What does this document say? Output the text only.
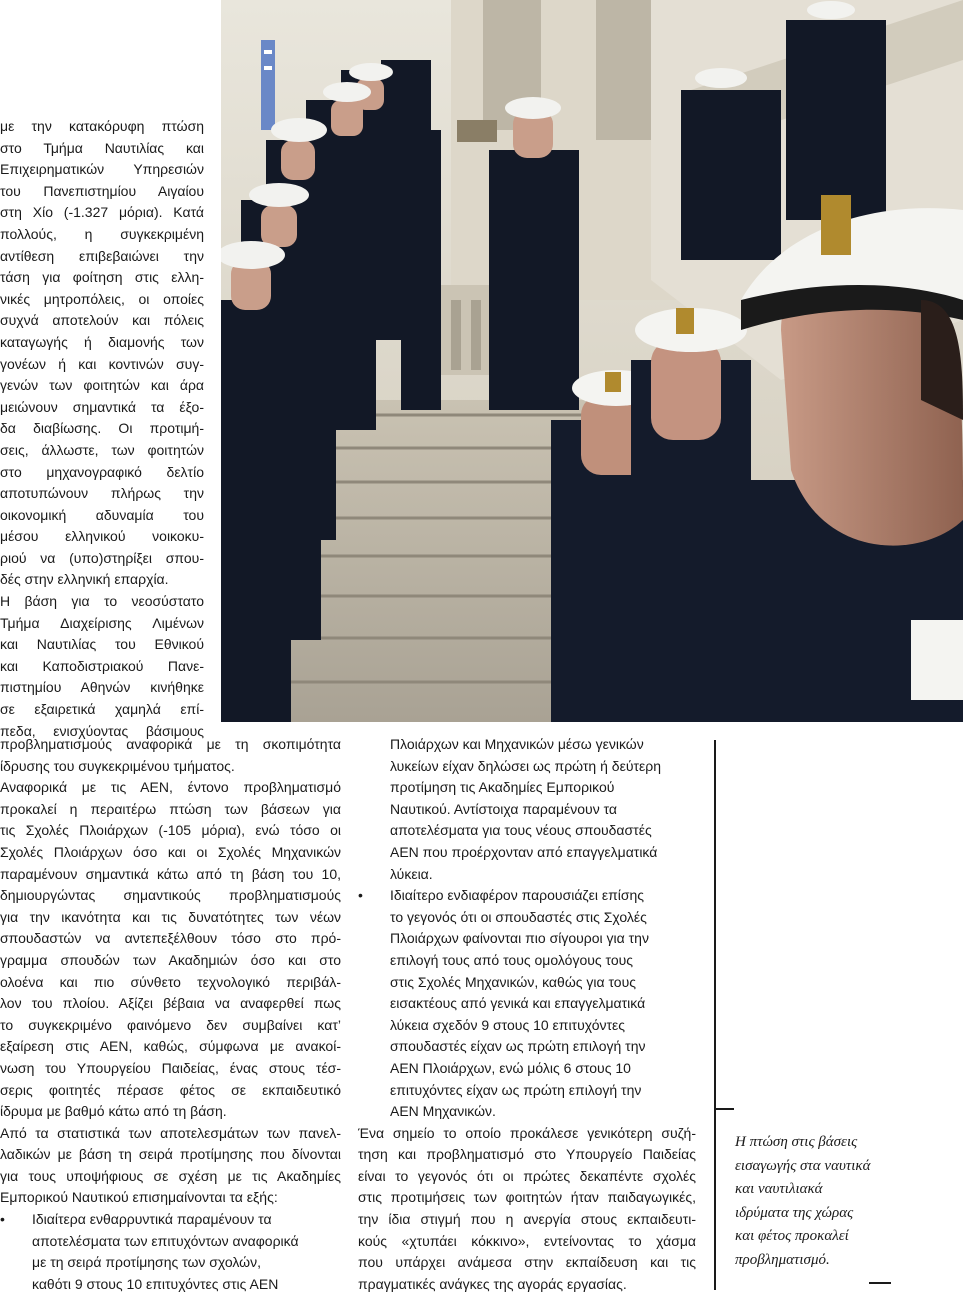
με την κατακόρυφη πτώση

στο Τμήμα Ναυτιλίας και

Επιχειρηματικών Υπηρεσιών

του Πανεπιστημίου Αιγαίου

στη Χίο (-1.327 μόρια). Κατά

πολλούς, η συγκεκριμένη

αντίθεση επιβεβαιώνει την

τάση για φοίτηση στις ελλη-

νικές μητροπόλεις, οι οποίες

συχνά αποτελούν και πόλεις

καταγωγής ή διαμονής των

γονέων ή και κοντινών συγ-

γενών των φοιτητών και άρα

μειώνουν σημαντικά τα έξο-

δα διαβίωσης. Οι προτιμή-

σεις, άλλωστε, των φοιτητών

στο μηχανογραφικό δελτίο

αποτυπώνουν πλήρως την

οικονομική αδυναμία του

μέσου ελληνικού νοικοκυ-

ριού να (υπο)στηρίξει σπου-

δές στην ελληνική επαρχία.

Η βάση για το νεοσύστατο

Τμήμα Διαχείρισης Λιμένων

και Ναυτιλίας του Εθνικού

και Καποδιστριακού Πανε-

πιστημίου Αθηνών κινήθηκε

σε εξαιρετικά χαμηλά επί-

πεδα, ενισχύοντας βάσιμους

προβληματισμούς αναφορικά με τη σκοπιμότητα

ίδρυσης του συγκεκριμένου τμήματος.

Αναφορικά με τις ΑΕΝ, έντονο προβληματισμό

προκαλεί η περαιτέρω πτώση των βάσεων για

τις Σχολές Πλοιάρχων (-105 μόρια), ενώ τόσο οι

Σχολές Πλοιάρχων όσο και οι Σχολές Μηχανικών

παραμένουν σημαντικά κάτω από τη βάση του 10,

δημιουργώντας σημαντικούς προβληματισμούς

για την ικανότητα και τις δυνατότητες των νέων

σπουδαστών να αντεπεξέλθουν τόσο στο πρό-

γραμμα σπουδών των Ακαδημιών όσο και στο

ολοένα και πιο σύνθετο τεχνολογικό περιβάλ-

λον του πλοίου. Αξίζει βέβαια να αναφερθεί πως

το συγκεκριμένο φαινόμενο δεν συμβαίνει κατ’

εξαίρεση στις ΑΕΝ, καθώς, σύμφωνα με ανακοί-

νωση του Υπουργείου Παιδείας, ένας στους τέσ-

σερις φοιτητές πέρασε φέτος σε εκπαιδευτικό

ίδρυμα με βαθμό κάτω από τη βάση.

Από τα στατιστικά των αποτελεσμάτων των πανελ-

λαδικών με βάση τη σειρά προτίμησης που δίνονται

για τους υποψήφιους σε σχέση με τις Ακαδημίες

Εμπορικού Ναυτικού επισημαίνονται τα εξής:

• Ιδιαίτερα ενθαρρυντικά παραμένουν τα

αποτελέσματα των επιτυχόντων αναφορικά

με τη σειρά προτίμησης των σχολών,

καθότι 9 στους 10 επιτυχόντες στις ΑΕΝ

Πλοιάρχων και Μηχανικών μέσω γενικών

λυκείων είχαν δηλώσει ως πρώτη ή δεύτερη

προτίμηση τις Ακαδημίες Εμπορικού

Ναυτικού. Αντίστοιχα παραμένουν τα

αποτελέσματα για τους νέους σπουδαστές

ΑΕΝ που προέρχονταν από επαγγελματικά

λύκεια.

• Ιδιαίτερο ενδιαφέρον παρουσιάζει επίσης

το γεγονός ότι οι σπουδαστές στις Σχολές

Πλοιάρχων φαίνονται πιο σίγουροι για την

επιλογή τους από τους ομολόγους τους

στις Σχολές Μηχανικών, καθώς για τους

εισακτέους από γενικά και επαγγελματικά

λύκεια σχεδόν 9 στους 10 επιτυχόντες

σπουδαστές είχαν ως πρώτη επιλογή την

ΑΕΝ Πλοιάρχων, ενώ μόλις 6 στους 10

επιτυχόντες είχαν ως πρώτη επιλογή την

ΑΕΝ Μηχανικών.

Ένα σημείο το οποίο προκάλεσε γενικότερη συζή-

τηση και προβληματισμό στο Υπουργείο Παιδείας

είναι το γεγονός ότι οι πρώτες δεκαπέντε σχολές

στις προτιμήσεις των φοιτητών ήταν παιδαγωγικές,

την ίδια στιγμή που η ανεργία στους εκπαιδευτι-

κούς «χτυπάει κόκκινο», εντείνοντας το χάσμα

που υπάρχει ανάμεσα στην εκπαίδευση και τις

πραγματικές ανάγκες της αγοράς εργασίας.

Η πτώση στις βάσεις

εισαγωγής στα ναυτικά

και ναυτιλιακά

ιδρύματα της χώρας

και φέτος προκαλεί

προβληματισμό.
